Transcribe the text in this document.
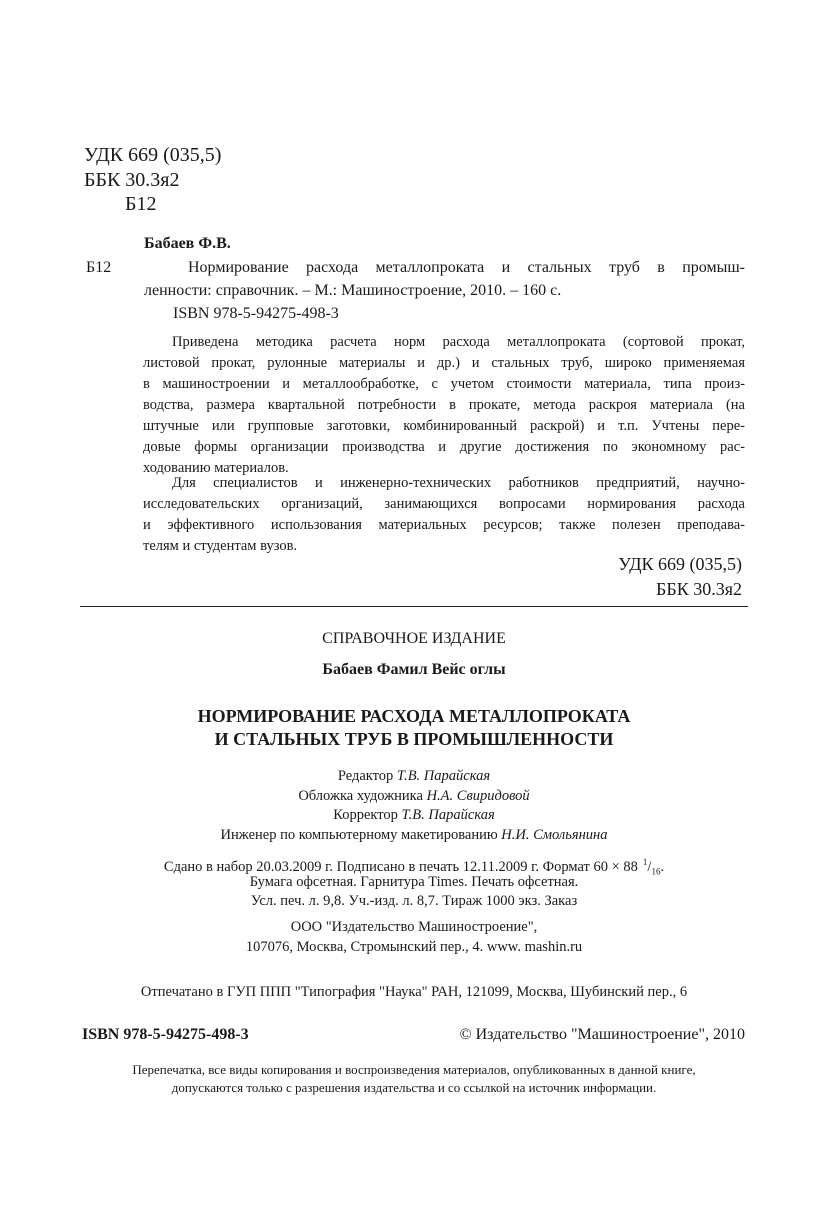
УДК 669 (035,5)
ББК 30.3я2
Б12
Бабаев Ф.В.
Б12	Нормирование расхода металлопроката и стальных труб в промыш-
ленности: справочник. – М.: Машиностроение, 2010. – 160 с.
ISBN 978-5-94275-498-3
Приведена методика расчета норм расхода металлопроката (сортовой прокат,
листовой прокат, рулонные материалы и др.) и стальных труб, широко применяемая
в машиностроении и металлообработке, с учетом стоимости материала, типа произ-
водства, размера квартальной потребности в прокате, метода раскроя материала (на
штучные или групповые заготовки, комбинированный раскрой) и т.п. Учтены пере-
довые формы организации производства и другие достижения по экономному рас-
ходованию материалов.
Для специалистов и инженерно-технических работников предприятий, научно-
исследовательских организаций, занимающихся вопросами нормирования расхода
и эффективного использования материальных ресурсов; также полезен преподава-
телям и студентам вузов.
УДК 669 (035,5)
ББК 30.3я2
СПРАВОЧНОЕ ИЗДАНИЕ
Бабаев Фамил Вейс оглы
НОРМИРОВАНИЕ РАСХОДА МЕТАЛЛОПРОКАТА
И СТАЛЬНЫХ ТРУБ В ПРОМЫШЛЕННОСТИ
Редактор Т.В. Парайская
Обложка художника Н.А. Свиридовой
Корректор Т.В. Парайская
Инженер по компьютерному макетированию Н.И. Смольянина
Сдано в набор 20.03.2009 г. Подписано в печать 12.11.2009 г. Формат 60 × 88 $^1/_{16}$.
Бумага офсетная. Гарнитура Times. Печать офсетная.
Усл. печ. л. 9,8. Уч.-изд. л. 8,7. Тираж 1000 экз. Заказ
ООО "Издательство Машиностроение",
107076, Москва, Стромынский пер., 4. www. mashin.ru
Отпечатано в ГУП ППП "Типография "Наука" РАН, 121099, Москва, Шубинский пер., 6
ISBN 978-5-94275-498-3	© Издательство "Машиностроение", 2010
Перепечатка, все виды копирования и воспроизведения материалов, опубликованных в данной книге,
допускаются только с разрешения издательства и со ссылкой на источник информации.
